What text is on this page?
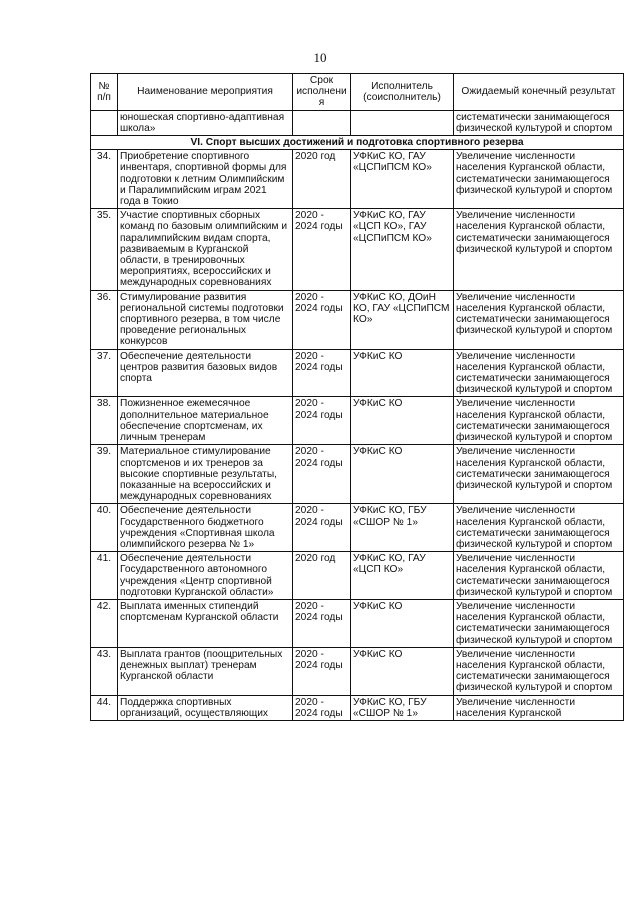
10
№ п/п	Наименование мероприятия	Срок исполнения	Исполнитель (соисполнитель)	Ожидаемый конечный результат
	юношеская спортивно-адаптивная школа»			систематически занимающегося физической культурой и спортом
VI. Спорт высших достижений и подготовка спортивного резерва				
34.	Приобретение спортивного инвентаря, спортивной формы для подготовки к летним Олимпийским и Паралимпийским играм 2021 года в Токио	2020 год	УФКиС КО, ГАУ «ЦСПиПСМ КО»	Увеличение численности населения Курганской области, систематически занимающегося физической культурой и спортом
35.	Участие спортивных сборных команд по базовым олимпийским и паралимпийским видам спорта, развиваемым в Курганской области, в тренировочных мероприятиях, всероссийских и международных соревнованиях	2020 - 2024 годы	УФКиС КО, ГАУ «ЦСП КО», ГАУ «ЦСПиПСМ КО»	Увеличение численности населения Курганской области, систематически занимающегося физической культурой и спортом
36.	Стимулирование развития региональной системы подготовки спортивного резерва, в том числе проведение региональных конкурсов	2020 - 2024 годы	УФКиС КО, ДОиН КО, ГАУ «ЦСПиПСМ КО»	Увеличение численности населения Курганской области, систематически занимающегося физической культурой и спортом
37.	Обеспечение деятельности центров развития базовых видов спорта	2020 - 2024 годы	УФКиС КО	Увеличение численности населения Курганской области, систематически занимающегося физической культурой и спортом
38.	Пожизненное ежемесячное дополнительное материальное обеспечение спортсменам, их личным тренерам	2020 - 2024 годы	УФКиС КО	Увеличение численности населения Курганской области, систематически занимающегося физической культурой и спортом
39.	Материальное стимулирование спортсменов и их тренеров за высокие спортивные результаты, показанные на всероссийских и международных соревнованиях	2020 - 2024 годы	УФКиС КО	Увеличение численности населения Курганской области, систематически занимающегося физической культурой и спортом
40.	Обеспечение деятельности Государственного бюджетного учреждения «Спортивная школа олимпийского резерва № 1»	2020 - 2024 годы	УФКиС КО, ГБУ «СШОР № 1»	Увеличение численности населения Курганской области, систематически занимающегося физической культурой и спортом
41.	Обеспечение деятельности Государственного автономного учреждения «Центр спортивной подготовки Курганской области»	2020 год	УФКиС КО, ГАУ «ЦСП КО»	Увеличение численности населения Курганской области, систематически занимающегося физической культурой и спортом
42.	Выплата именных стипендий спортсменам Курганской области	2020 - 2024 годы	УФКиС КО	Увеличение численности населения Курганской области, систематически занимающегося физической культурой и спортом
43.	Выплата грантов (поощрительных денежных выплат) тренерам Курганской области	2020 - 2024 годы	УФКиС КО	Увеличение численности населения Курганской области, систематически занимающегося физической культурой и спортом
44.	Поддержка спортивных организаций, осуществляющих	2020 - 2024 годы	УФКиС КО, ГБУ «СШОР № 1»	Увеличение численности населения Курганской
